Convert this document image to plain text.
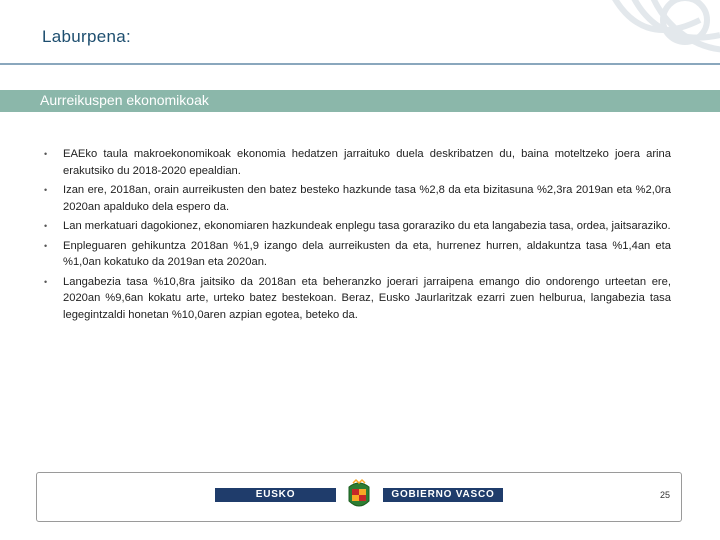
Laburpena:
Aurreikuspen ekonomikoak
• EAEko taula makroekonomikoak ekonomia hedatzen jarraituko duela deskribatzen du, baina moteltzeko joera arina erakutsiko du 2018-2020 epealdian.
• Izan ere, 2018an, orain aurreikusten den batez besteko hazkunde tasa %2,8 da eta bizitasuna %2,3ra 2019an eta %2,0ra 2020an apalduko dela espero da.
• Lan merkatuari dagokionez, ekonomiaren hazkundeak enplegu tasa goraraziko du eta langabezia tasa, ordea, jaitsaraziko.
• Enpleguaren gehikuntza 2018an %1,9 izango dela aurreikusten da eta, hurrenez hurren, aldakuntza tasa %1,4an eta %1,0an kokatuko da 2019an eta 2020an.
• Langabezia tasa %10,8ra jaitsiko da 2018an eta beheranzko joerari jarraipena emango dio ondorengo urteetan ere, 2020an %9,6an kokatu arte, urteko batez bestekoan. Beraz, Eusko Jaurlaritzak ezarri zuen helburua, langabezia tasa legegintzaldi honetan %10,0aren azpian egotea, beteko da.
EUSKO JAURLARITZA
GOBIERNO VASCO	25
